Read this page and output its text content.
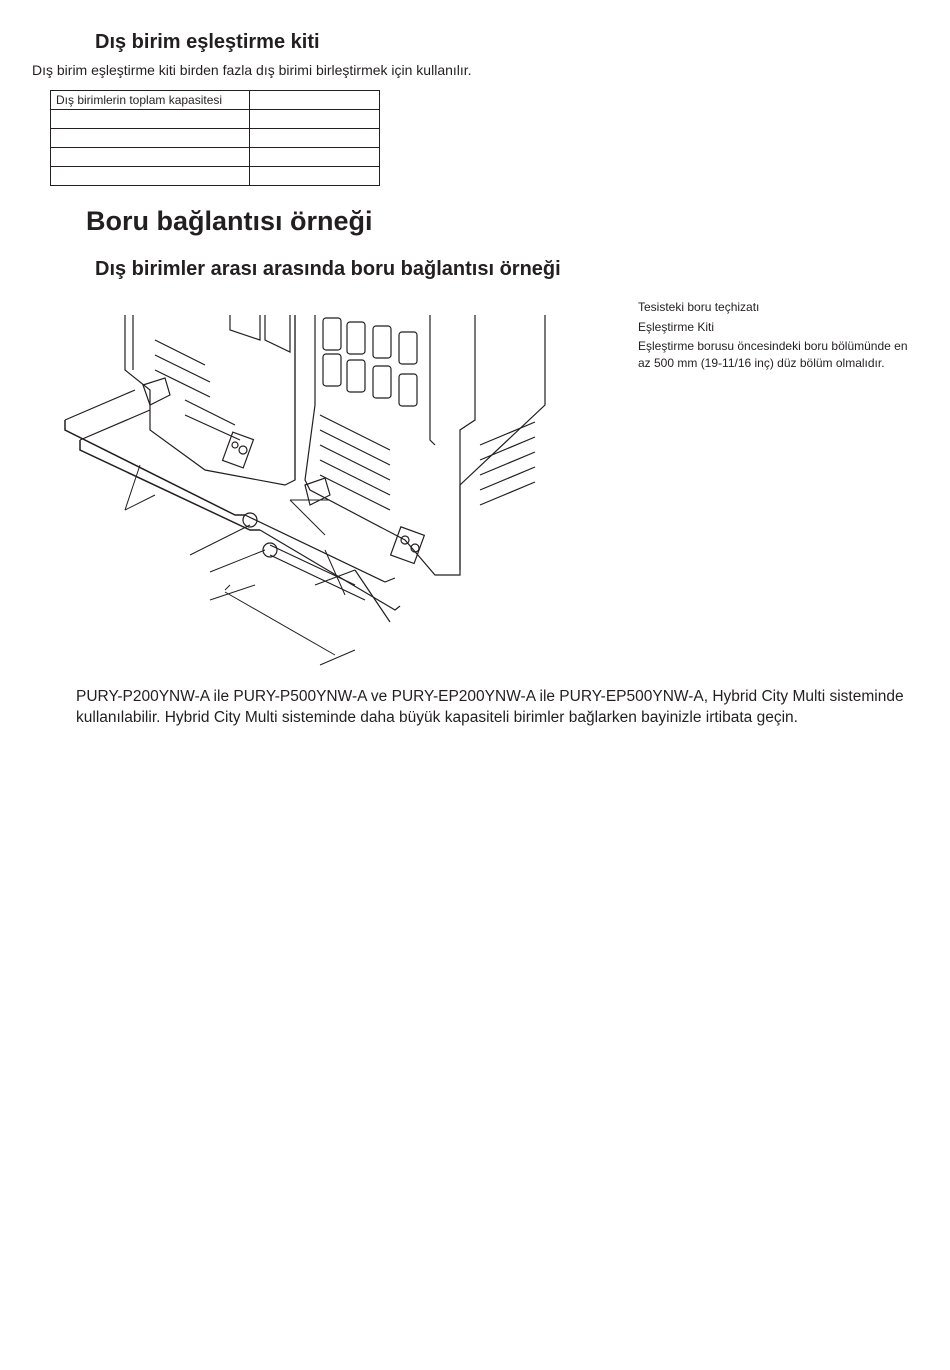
Dış birim eşleştirme kiti
Dış birim eşleştirme kiti birden fazla dış birimi birleştirmek için kullanılır.
Dış birimlerin toplam kapasitesi	

Boru bağlantısı örneği
Dış birimler arası arasında boru bağlantısı örneği
Tesisteki boru teçhizatı
Eşleştirme Kiti
Eşleştirme borusu öncesindeki boru bölümünde en az 500 mm (19-11/16 inç) düz bölüm olmalıdır.
PURY-P200YNW-A ile PURY-P500YNW-A ve PURY-EP200YNW-A ile PURY-EP500YNW-A, Hybrid City Multi sisteminde kullanılabilir. Hybrid City Multi sisteminde daha büyük kapasiteli birimler bağlarken bayinizle irtibata geçin.
